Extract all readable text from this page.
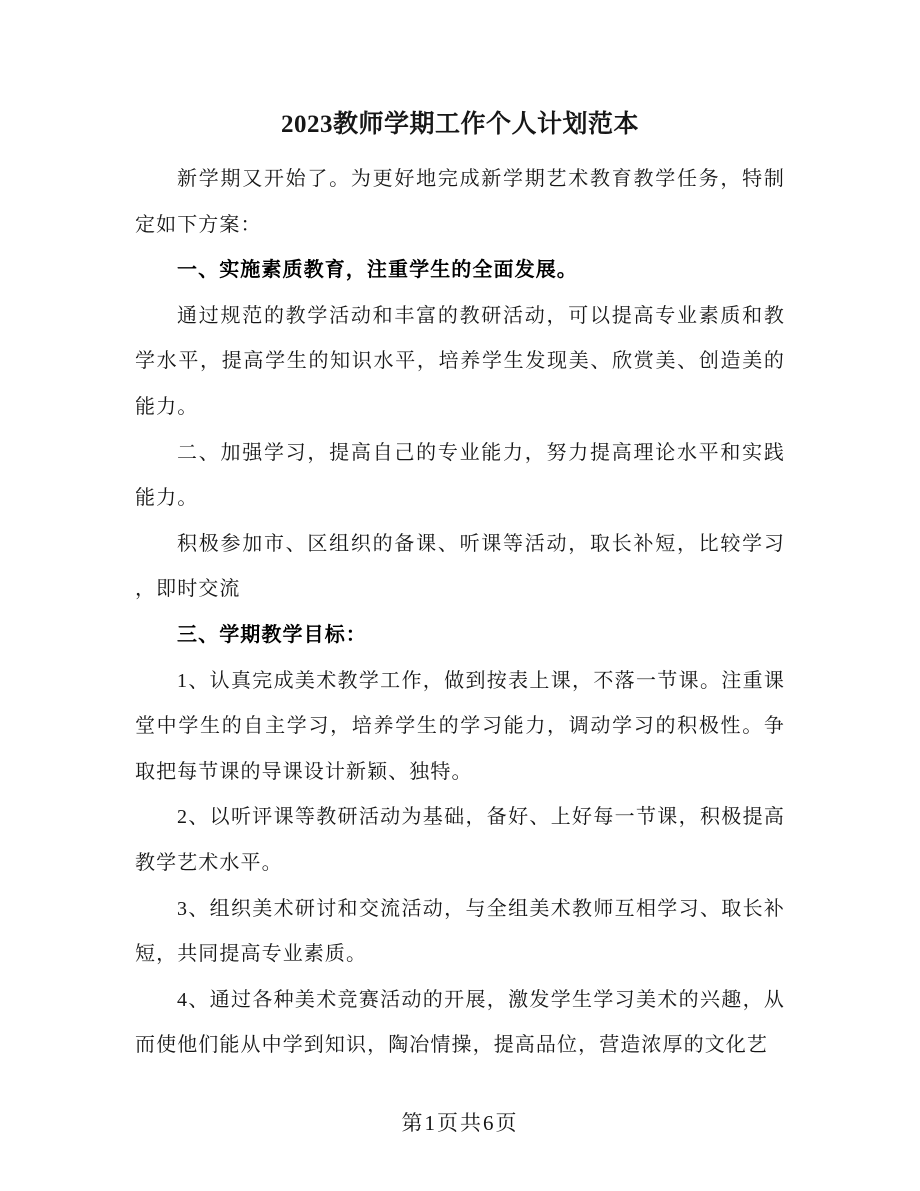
2023教师学期工作个人计划范本

新学期又开始了。为更好地完成新学期艺术教育教学任务，特制定如下方案：

一、实施素质教育，注重学生的全面发展。

通过规范的教学活动和丰富的教研活动，可以提高专业素质和教学水平，提高学生的知识水平，培养学生发现美、欣赏美、创造美的能力。

二、加强学习，提高自己的专业能力，努力提高理论水平和实践能力。

积极参加市、区组织的备课、听课等活动，取长补短，比较学习，即时交流

三、学期教学目标：

1、认真完成美术教学工作，做到按表上课，不落一节课。注重课堂中学生的自主学习，培养学生的学习能力，调动学习的积极性。争取把每节课的导课设计新颖、独特。

2、以听评课等教研活动为基础，备好、上好每一节课，积极提高教学艺术水平。

3、组织美术研讨和交流活动，与全组美术教师互相学习、取长补短，共同提高专业素质。

4、通过各种美术竞赛活动的开展，激发学生学习美术的兴趣，从而使他们能从中学到知识，陶冶情操，提高品位，营造浓厚的文化艺

第1页共6页
